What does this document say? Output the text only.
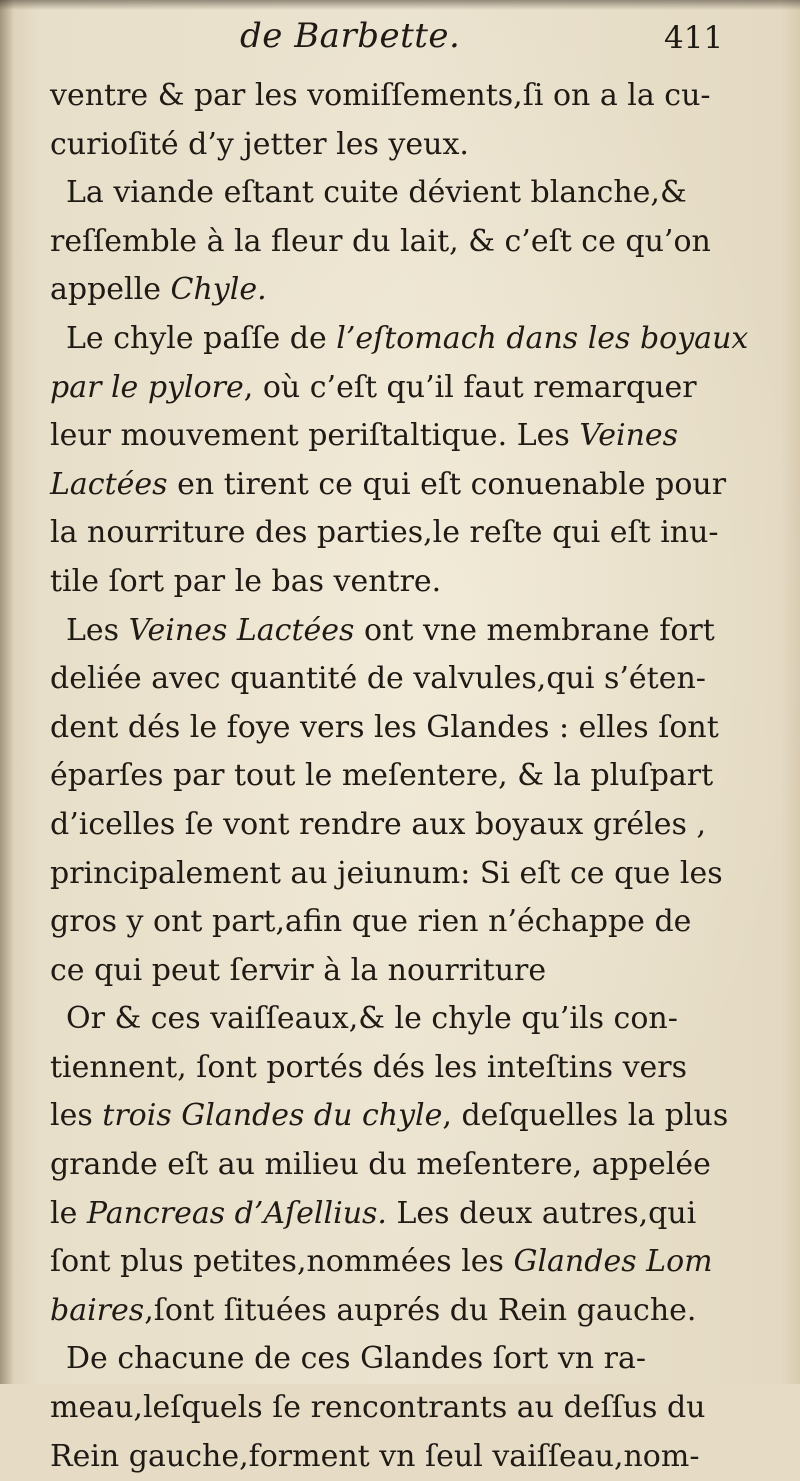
de Barbette.	411
ventre & par les vomiſſements,ſi on a la cu-
curioſité d’y jetter les yeux.
La viande eſtant cuite dévient blanche,&
reſſemble à la fleur du lait, & c’eſt ce qu’on
appelle Chyle.
Le chyle paſſe de l’eſtomach dans les boyaux
par le pylore, où c’eſt qu’il faut remarquer
leur mouvement periſtaltique. Les Veines
Lactées en tirent ce qui eſt conuenable pour
la nourriture des parties,le reſte qui eſt inu-
tile ſort par le bas ventre.
Les Veines Lactées ont vne membrane fort
deliée avec quantité de valvules,qui s’éten-
dent dés le foye vers les Glandes : elles ſont
éparſes par tout le meſentere, & la pluſpart
d’icelles ſe vont rendre aux boyaux gréles ,
principalement au jeiunum: Si eſt ce que les
gros y ont part,afin que rien n’échappe de
ce qui peut ſervir à la nourriture
Or & ces vaiſſeaux,& le chyle qu’ils con-
tiennent, ſont portés dés les inteſtins vers
les trois Glandes du chyle, deſquelles la plus
grande eſt au milieu du meſentere, appelée
le Pancreas d’Aſellius. Les deux autres,qui
ſont plus petites,nommées les Glandes Lom
baires,ſont ſituées auprés du Rein gauche.
De chacune de ces Glandes ſort vn ra-
meau,leſquels ſe rencontrants au deſſus du
Rein gauche,forment vn ſeul vaiſſeau,nom-
